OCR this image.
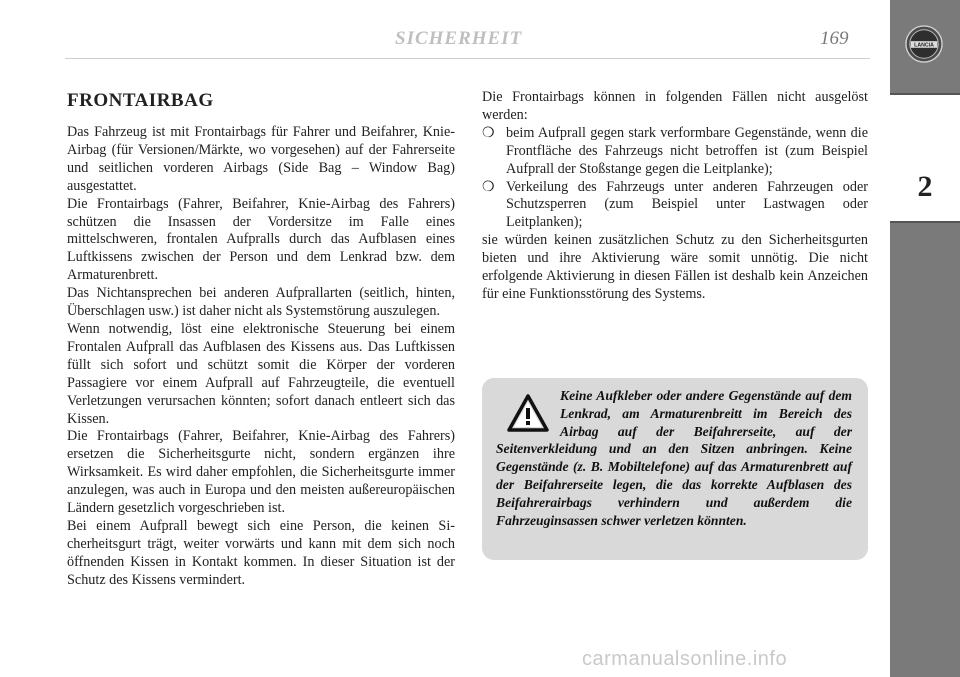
2
LANCIA
SICHERHEIT	169
FRONTAIRBAG

Das Fahrzeug ist mit Frontairbags für Fahrer und Beifahrer, Knie-Airbag (für Versionen/Märkte, wo vorgesehen) auf der Fahrerseite und seitlichen vorderen Airbags (Side Bag – Window Bag) ausgestattet.

Die Frontairbags (Fahrer, Beifahrer, Knie-Airbag des Fahrers) schützen die Insassen der Vordersitze im Falle eines mittelschweren, frontalen Aufpralls durch das Aufblasen eines Luftkissens zwischen der Person und dem Lenkrad bzw. dem Armaturenbrett.

Das Nichtansprechen bei anderen Aufprallarten (seitlich, hinten, Überschlagen usw.) ist daher nicht als Systemstörung auszulegen.

Wenn notwendig, löst eine elektronische Steuerung bei einem Frontalen Aufprall das Aufblasen des Kissens aus. Das Luftkissen füllt sich sofort und schützt somit die Körper der vorderen Passagiere vor einem Aufprall auf Fahrzeugteile, die eventuell Verletzungen verursachen könnten; sofort danach entleert sich das Kissen.

Die Frontairbags (Fahrer, Beifahrer, Knie-Airbag des Fahrers) ersetzen die Sicherheitsgurte nicht, sondern ergänzen ihre Wirksamkeit. Es wird daher empfohlen, die Sicherheitsgurte immer anzulegen, was auch in Europa und den meisten außereuropäischen Ländern gesetzlich vorgeschrieben ist.

Bei einem Aufprall bewegt sich eine Person, die keinen Sicherheitsgurt trägt, weiter vorwärts und kann mit dem sich noch öffnenden Kissen in Kontakt kommen. In dieser Situation ist der Schutz des Kissens vermindert.

Die Frontairbags können in folgenden Fällen nicht ausgelöst werden:

❍ beim Aufprall gegen stark verformbare Gegenstände, wenn die Frontfläche des Fahrzeugs nicht betroffen ist (zum Beispiel Aufprall der Stoßstange gegen die Leitplanke);

❍ Verkeilung des Fahrzeugs unter anderen Fahrzeugen oder Schutzsperren (zum Beispiel unter Lastwagen oder Leitplanken);

sie würden keinen zusätzlichen Schutz zu den Sicherheitsgurten bieten und ihre Aktivierung wäre somit unnötig. Die nicht erfolgende Aktivierung in diesen Fällen ist deshalb kein Anzeichen für eine Funktionsstörung des Systems.

Keine Aufkleber oder andere Gegenstände auf dem Lenkrad, am Armaturenbreitt im Bereich des Airbag auf der Beifahrerseite, auf der Seitenverkleidung und an den Sitzen anbringen. Keine Gegenstände (z. B. Mobiltelefone) auf das Armaturenbrett auf der Beifahrerseite legen, die das korrekte Aufblasen des Beifahrerairbags verhindern und außerdem die Fahrzeuginsassen schwer verletzen könnten.
carmanualsonline.info
